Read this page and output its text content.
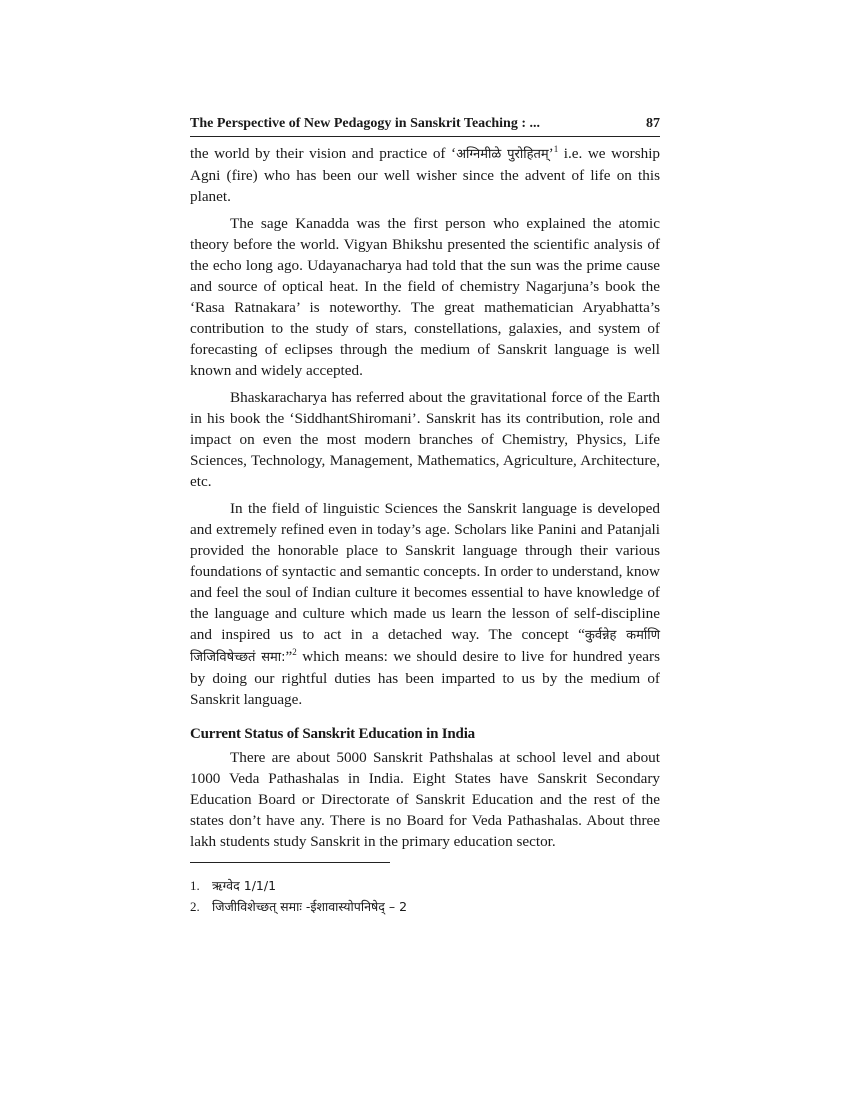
The Perspective of New Pedagogy in Sanskrit Teaching : ...	87

the world by their vision and practice of ‘अग्निमीळे पुरोहितम्’$^1$ i.e. we worship Agni (fire) who has been our well wisher since the advent of life on this planet.

The sage Kanadda was the first person who explained the atomic theory before the world. Vigyan Bhikshu presented the scientific analysis of the echo long ago. Udayanacharya had told that the sun was the prime cause and source of optical heat. In the field of chemistry Nagarjuna’s book the ‘Rasa Ratnakara’ is noteworthy. The great mathematician Aryabhatta’s contribution to the study of stars, constellations, galaxies, and system of forecasting of eclipses through the medium of Sanskrit language is well known and widely accepted.

Bhaskaracharya has referred about the gravitational force of the Earth in his book the ‘SiddhantShiromani’. Sanskrit has its contribution, role and impact on even the most modern branches of Chemistry, Physics, Life Sciences, Technology, Management, Mathematics, Agriculture, Architecture, etc.

In the field of linguistic Sciences the Sanskrit language is developed and extremely refined even in today’s age. Scholars like Panini and Patanjali provided the honorable place to Sanskrit language through their various foundations of syntactic and semantic concepts. In order to understand, know and feel the soul of Indian culture it becomes essential to have knowledge of the language and culture which made us learn the lesson of self-discipline and inspired us to act in a detached way. The concept “कुर्वन्नेह कर्माणि जिजिविषेच्छतं समा:”$^2$ which means: we should desire to live for hundred years by doing our rightful duties has been imparted to us by the medium of Sanskrit language.

Current Status of Sanskrit Education in India

There are about 5000 Sanskrit Pathshalas at school level and about 1000 Veda Pathashalas in India. Eight States have Sanskrit Secondary Education Board or Directorate of Sanskrit Education and the rest of the states don’t have any. There is no Board for Veda Pathashalas. About three lakh students study Sanskrit in the primary education sector.

1. ऋग्वेद 1/1/1
2. जिजीविशेच्छत् समाः -ईशावास्योपनिषेद् – 2
